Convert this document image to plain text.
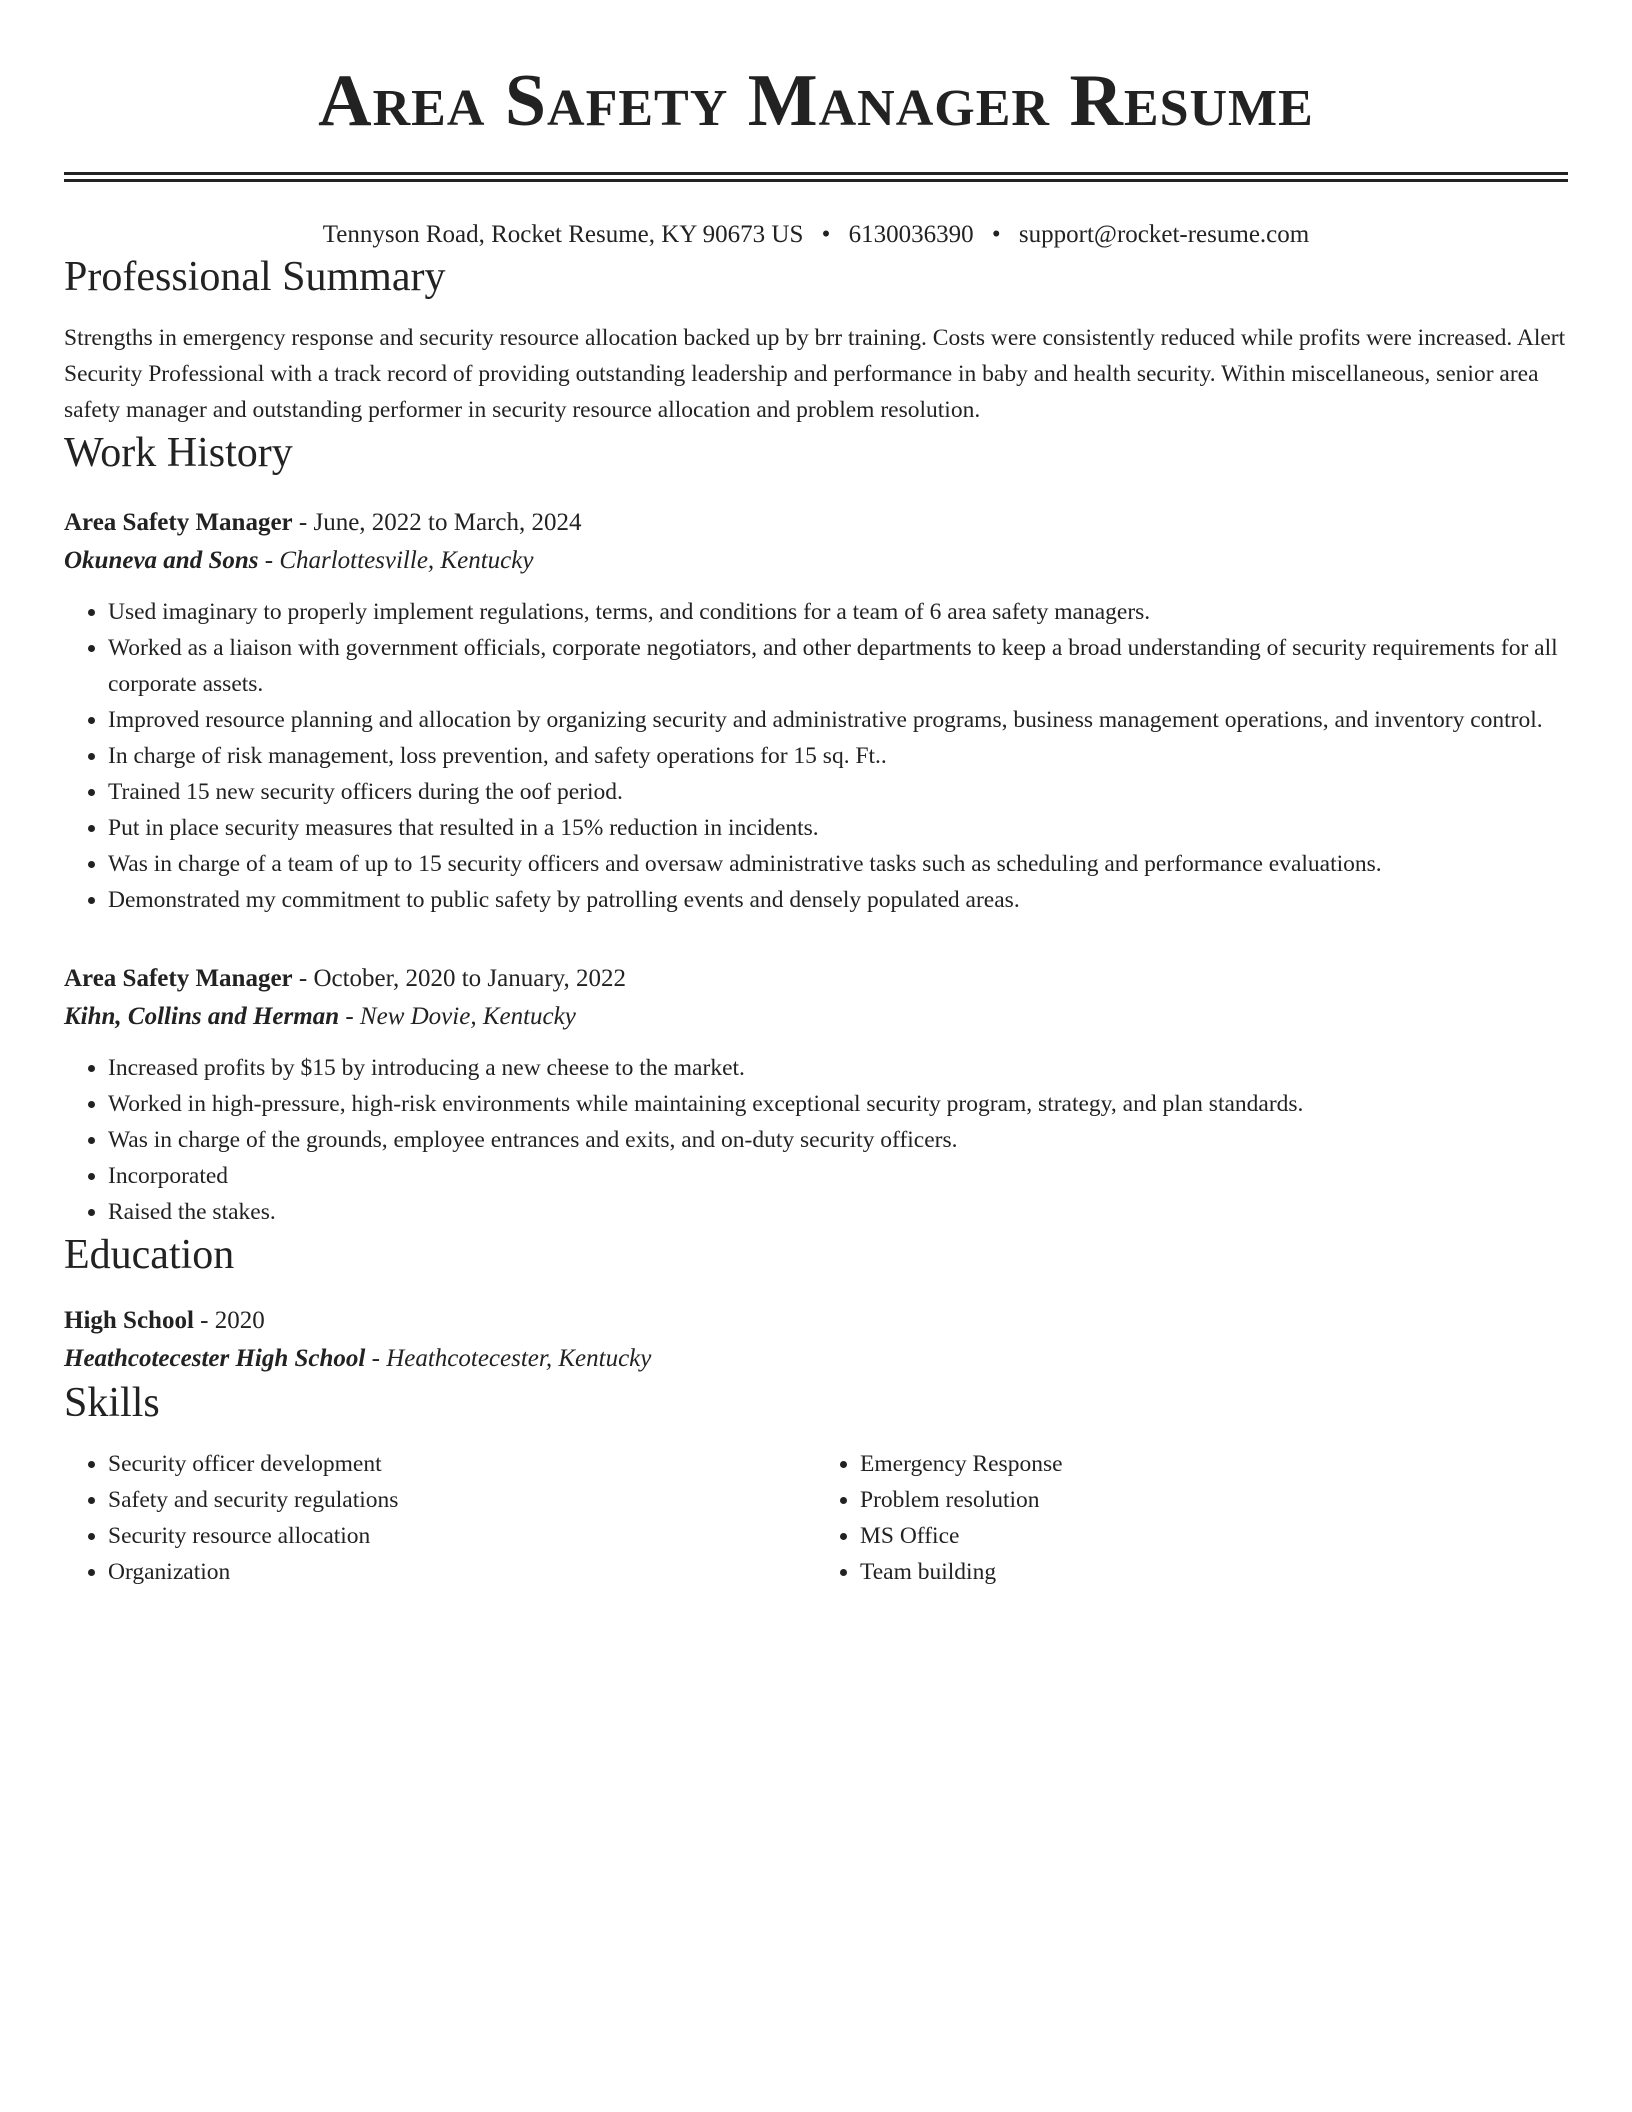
Area Safety Manager Resume
Tennyson Road, Rocket Resume, KY 90673 US • 6130036390 • support@rocket-resume.com
Professional Summary

Strengths in emergency response and security resource allocation backed up by brr training. Costs were consistently reduced while profits were increased. Alert Security Professional with a track record of providing outstanding leadership and performance in baby and health security. Within miscellaneous, senior area safety manager and outstanding performer in security resource allocation and problem resolution.

Work History
Area Safety Manager - June, 2022 to March, 2024
Okuneva and Sons - Charlottesville, Kentucky
• Used imaginary to properly implement regulations, terms, and conditions for a team of 6 area safety managers.
• Worked as a liaison with government officials, corporate negotiators, and other departments to keep a broad understanding of security requirements for all corporate assets.
• Improved resource planning and allocation by organizing security and administrative programs, business management operations, and inventory control.
• In charge of risk management, loss prevention, and safety operations for 15 sq. Ft..
• Trained 15 new security officers during the oof period.
• Put in place security measures that resulted in a 15% reduction in incidents.
• Was in charge of a team of up to 15 security officers and oversaw administrative tasks such as scheduling and performance evaluations.
• Demonstrated my commitment to public safety by patrolling events and densely populated areas.
Area Safety Manager - October, 2020 to January, 2022
Kihn, Collins and Herman - New Dovie, Kentucky
• Increased profits by $15 by introducing a new cheese to the market.
• Worked in high-pressure, high-risk environments while maintaining exceptional security program, strategy, and plan standards.
• Was in charge of the grounds, employee entrances and exits, and on-duty security officers.
• Incorporated
• Raised the stakes.
Education
High School - 2020
Heathcotecester High School - Heathcotecester, Kentucky
Skills
• Security officer development
• Safety and security regulations
• Security resource allocation
• Organization
• Emergency Response
• Problem resolution
• MS Office
• Team building
